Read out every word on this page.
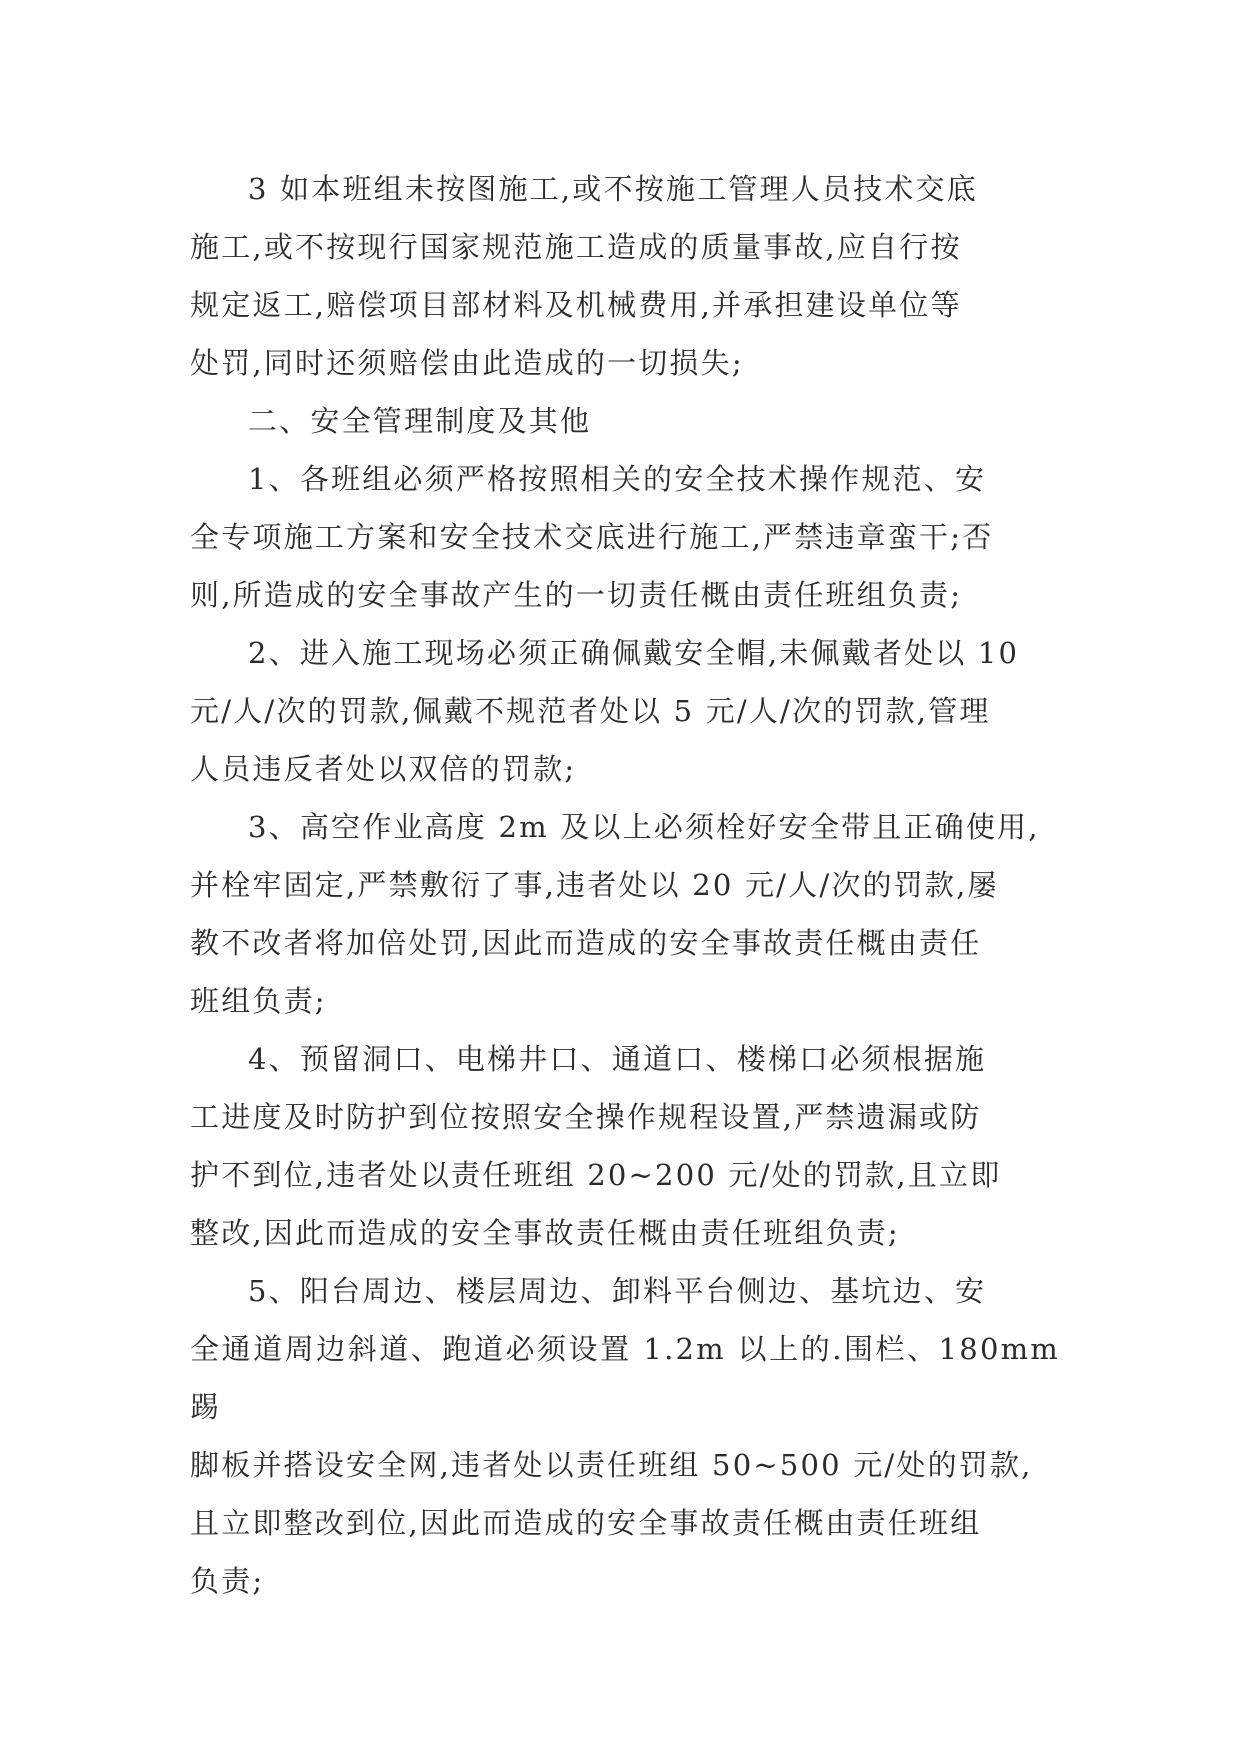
3 如本班组未按图施工,或不按施工管理人员技术交底
施工,或不按现行国家规范施工造成的质量事故,应自行按
规定返工,赔偿项目部材料及机械费用,并承担建设单位等
处罚,同时还须赔偿由此造成的一切损失;

二、安全管理制度及其他

1、各班组必须严格按照相关的安全技术操作规范、安
全专项施工方案和安全技术交底进行施工,严禁违章蛮干;否
则,所造成的安全事故产生的一切责任概由责任班组负责;

2、进入施工现场必须正确佩戴安全帽,未佩戴者处以 10
元/人/次的罚款,佩戴不规范者处以 5 元/人/次的罚款,管理
人员违反者处以双倍的罚款;

3、高空作业高度 2m 及以上必须栓好安全带且正确使用,
并栓牢固定,严禁敷衍了事,违者处以 20 元/人/次的罚款,屡
教不改者将加倍处罚,因此而造成的安全事故责任概由责任
班组负责;

4、预留洞口、电梯井口、通道口、楼梯口必须根据施
工进度及时防护到位按照安全操作规程设置,严禁遗漏或防
护不到位,违者处以责任班组 20~200 元/处的罚款,且立即
整改,因此而造成的安全事故责任概由责任班组负责;

5、阳台周边、楼层周边、卸料平台侧边、基坑边、安
全通道周边斜道、跑道必须设置 1.2m 以上的.围栏、180mm 踢
脚板并搭设安全网,违者处以责任班组 50~500 元/处的罚款,
且立即整改到位,因此而造成的安全事故责任概由责任班组
负责;
